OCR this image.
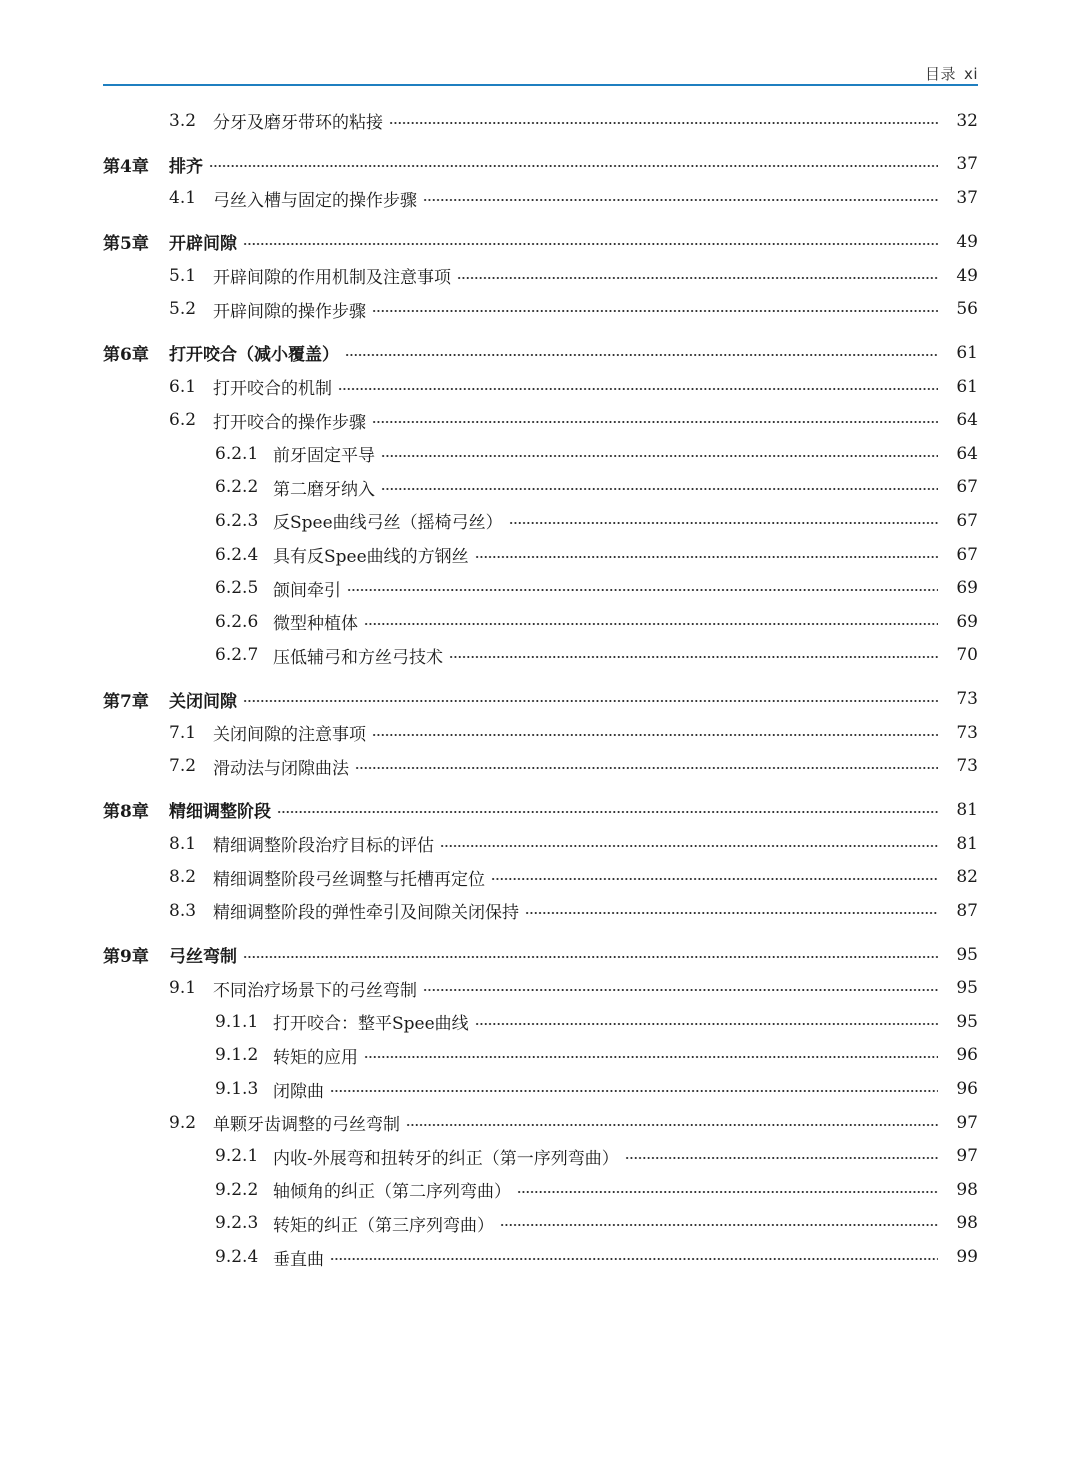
目录 xi
3.2 分牙及磨牙带环的粘接	32
第4章	排齐	37
4.1 弓丝入槽与固定的操作步骤	37
第5章	开辟间隙	49
5.1 开辟间隙的作用机制及注意事项	49
5.2 开辟间隙的操作步骤	56
第6章	打开咬合（减小覆​盖）	61
6.1 打开咬合的机制	61
6.2 打开咬合的操作步骤	64
6.2.1 前牙固定平导	64
6.2.2 第二磨牙纳入	67
6.2.3 反Spee曲线弓丝（摇椅弓丝）	67
6.2.4 具有反Spee曲线的方钢丝	67
6.2.5 颌间牵引	69
6.2.6 微型种植体	69
6.2.7 压低辅弓和方丝弓技术	70
第7章	关闭间隙	73
7.1 关闭间隙的注意事项	73
7.2 滑动法与闭隙曲法	73
第8章	精细调整阶段	81
8.1 精细调整阶段治疗目标的评估	81
8.2 精细调整阶段弓丝调整与托槽再定位	82
8.3 精细调整阶段的弹性牵引及间隙关闭保持	87
第9章	弓丝弯制	95
9.1 不同治疗场景下的弓丝弯制	95
9.1.1 打开咬合：整平Spee曲线	95
9.1.2 转矩的应用	96
9.1.3 闭隙曲	96
9.2 单颗牙齿调整的弓丝弯制	97
9.2.1 内收-外展弯和扭转牙的纠正（第一序列弯曲）	97
9.2.2 轴倾角的纠正（第二序列弯曲）	98
9.2.3 转矩的纠正（第三序列弯曲）	98
9.2.4 垂直曲	99
